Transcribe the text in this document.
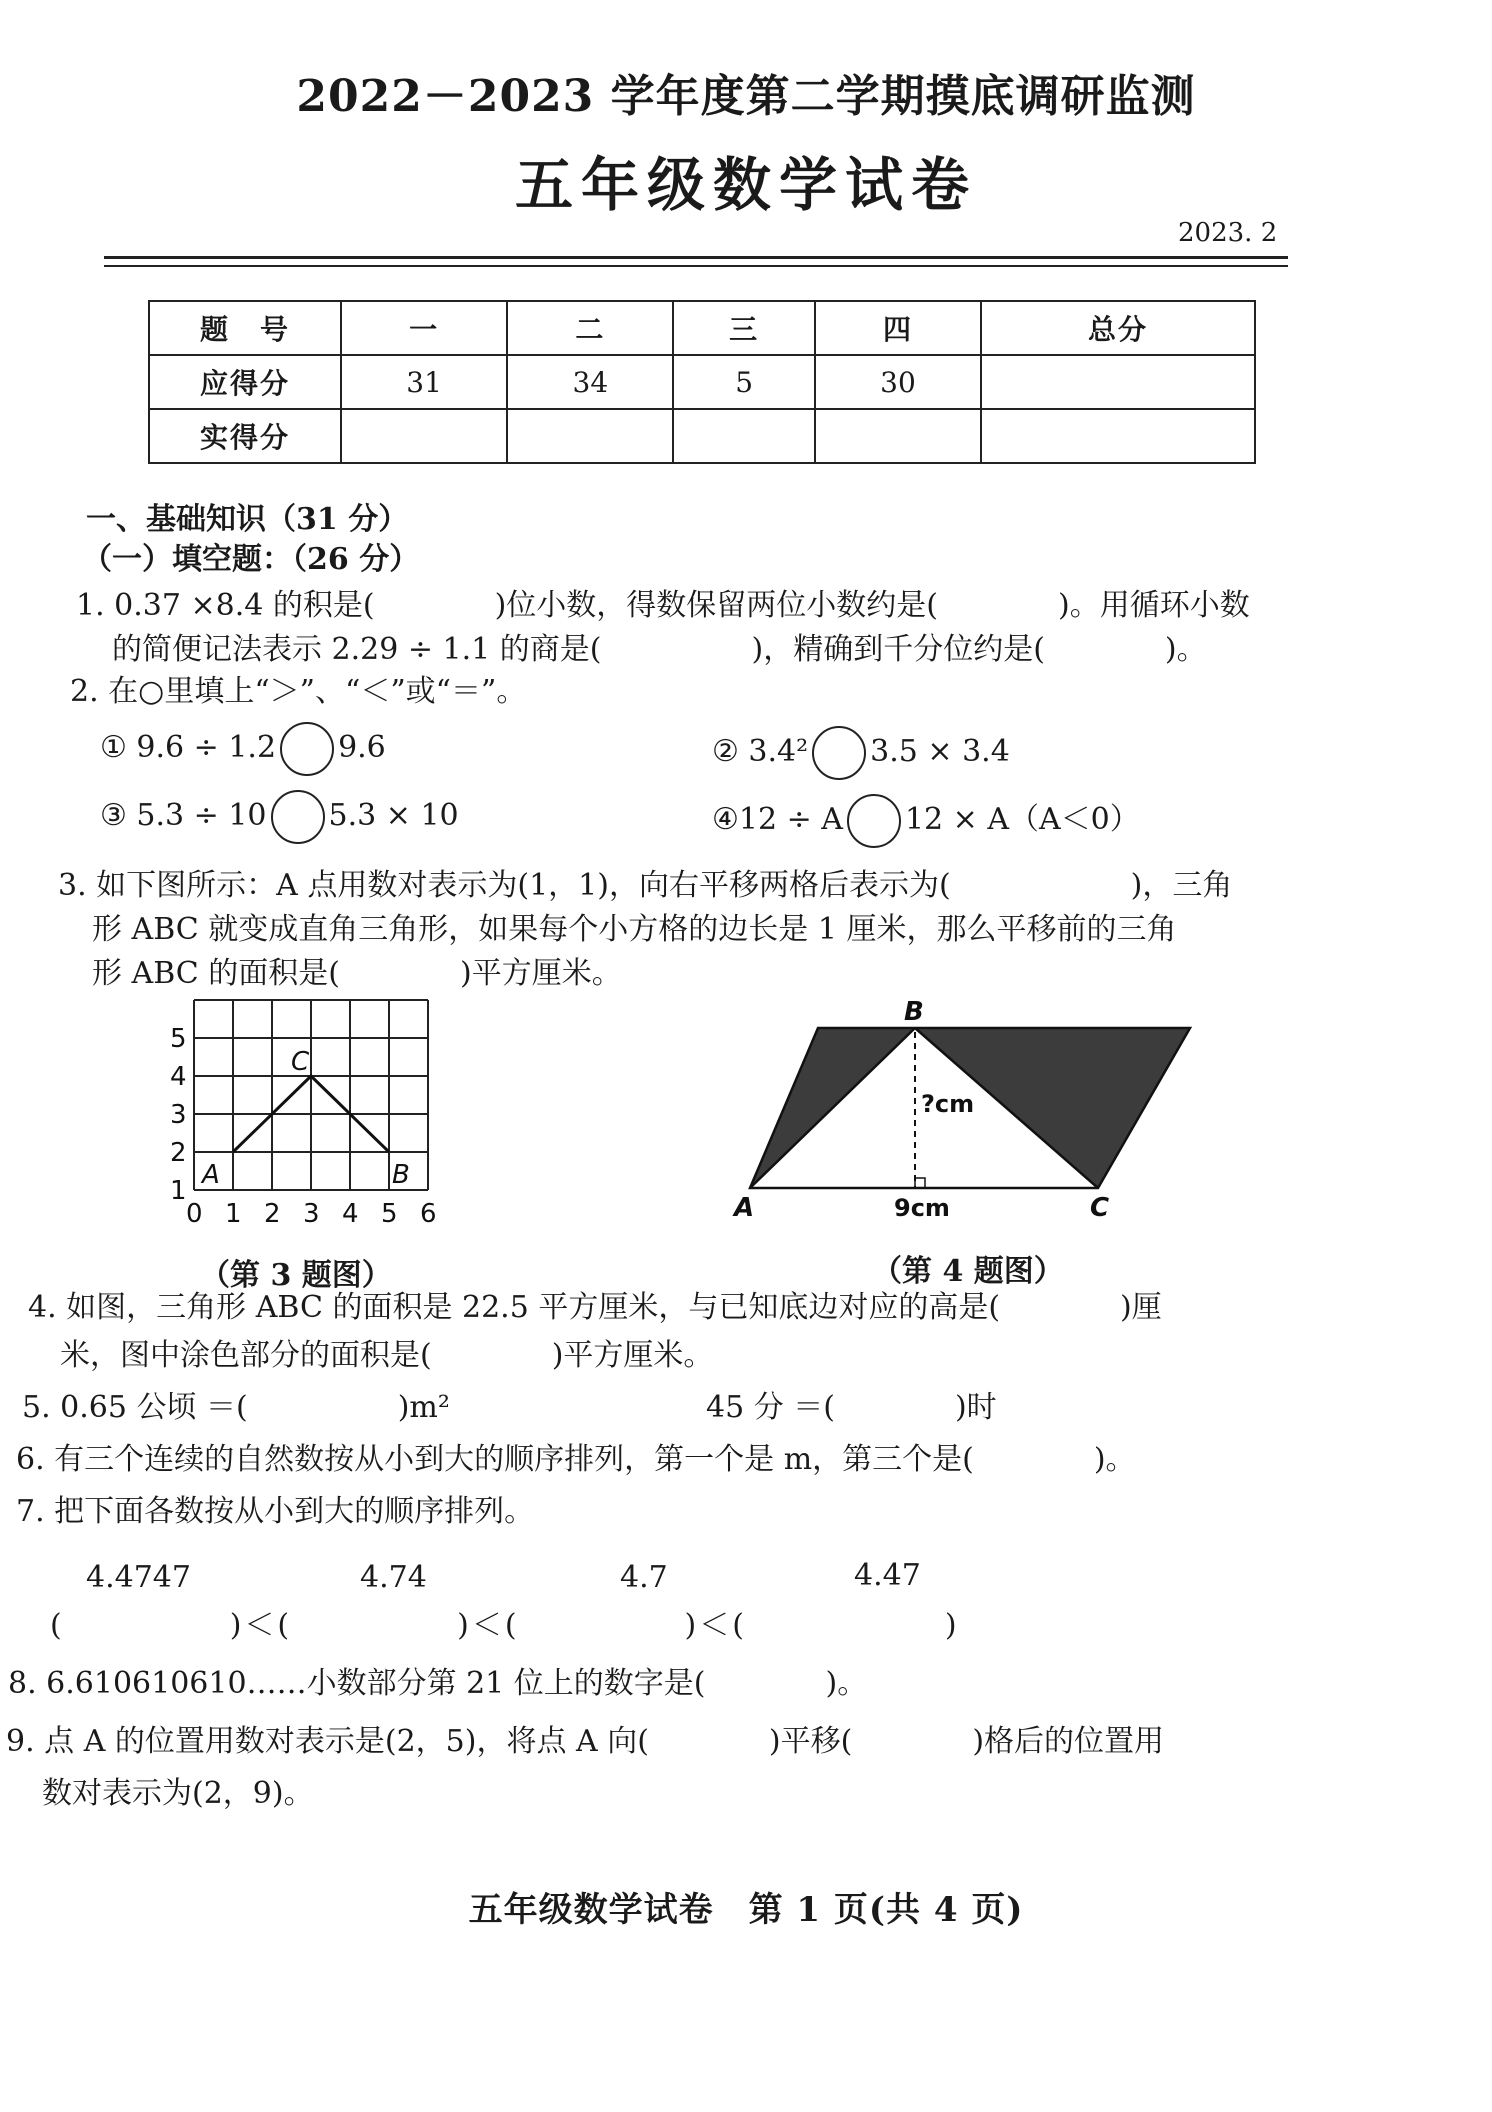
2022－2023 学年度第二学期摸底调研监测
五年级数学试卷
2023. 2
题　号	一	二	三	四	总分
应得分	31	34	5	30	
实得分					
一、基础知识（31 分）
（一）填空题：（26 分）
1. 0.37 ×8.4 的积是(　　　　)位小数，得数保留两位小数约是(　　　　)。用循环小数
的简便记法表示 2.29 ÷ 1.1 的商是(　　　　　)，精确到千分位约是(　　　　)。
2. 在○里填上“＞”、“＜”或“＝”。
① 9.6 ÷ 1.2 9.6	② 3.4² 3.5 × 3.4
③ 5.3 ÷ 10 5.3 × 10	④12 ÷ A 12 × A（A＜0）
3. 如下图所示：A 点用数对表示为(1，1)，向右平移两格后表示为(　　　　　　)，三角
形 ABC 就变成直角三角形，如果每个小方格的边长是 1 厘米，那么平移前的三角
形 ABC 的面积是(　　　　)平方厘米。
1
2
3
4
5
0 1 2 3 4 5 6
A	B
C
（第 3 题图）
A
B
C
?cm
9cm
（第 4 题图）
4. 如图，三角形 ABC 的面积是 22.5 平方厘米，与已知底边对应的高是(　　　　)厘
米，图中涂色部分的面积是(　　　　)平方厘米。
5. 0.65 公顷 ＝(　　　　　)m²	45 分 ＝(　　　　)时
6. 有三个连续的自然数按从小到大的顺序排列，第一个是 m，第三个是(　　　　)。
7. 把下面各数按从小到大的顺序排列。
4.4747	4.74	4.7	4.47
(　　　　　)＜(　　　　　)＜(　　　　　)＜(　　　　　　)
8. 6.610610610……小数部分第 21 位上的数字是(　　　　)。
9. 点 A 的位置用数对表示是(2，5)，将点 A 向(　　　　)平移(　　　　)格后的位置用
数对表示为(2，9)。
五年级数学试卷　第 1 页(共 4 页)
